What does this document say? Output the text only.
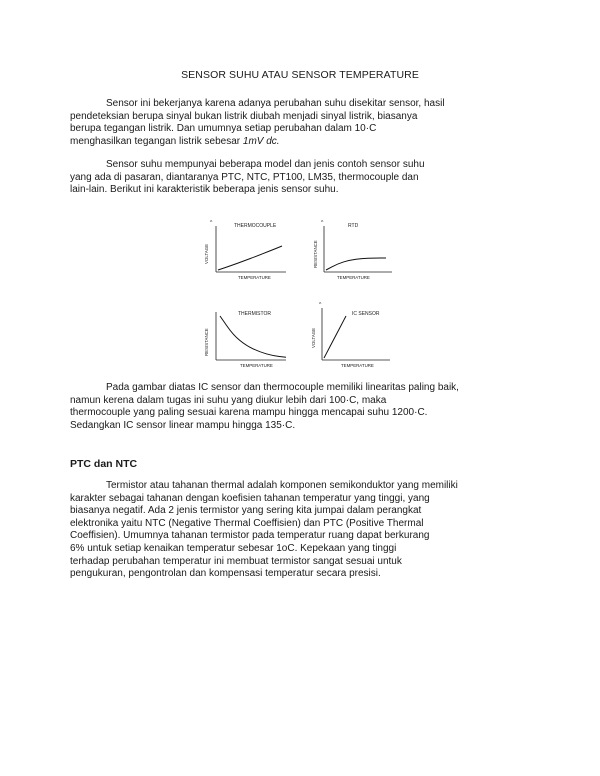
SENSOR SUHU ATAU SENSOR TEMPERATURE

Sensor ini bekerjanya karena adanya perubahan suhu disekitar sensor, hasil
pendeteksian berupa sinyal bukan listrik diubah menjadi sinyal listrik, biasanya
berupa tegangan listrik. Dan umumnya setiap perubahan dalam 10·C
menghasilkan tegangan listrik sebesar 1mV dc.

Sensor suhu mempunyai beberapa model dan jenis contoh sensor suhu
yang ada di pasaran, diantaranya PTC, NTC, PT100, LM35, thermocouple dan
lain-lain. Berikut ini karakteristik beberapa jenis sensor suhu.

THERMOCOUPLE
^
VOLTAGE
TEMPERATURE
RTD
^
RESISTANCE
TEMPERATURE
THERMISTOR
RESISTANCE
TEMPERATURE
IC SENSOR
^
VOLTAGE
TEMPERATURE

Pada gambar diatas IC sensor dan thermocouple memiliki linearitas paling baik,
namun kerena dalam tugas ini suhu yang diukur lebih dari 100·C, maka
thermocouple yang paling sesuai karena mampu hingga mencapai suhu 1200·C.
Sedangkan IC sensor linear mampu hingga 135·C.

PTC dan NTC

Termistor atau tahanan thermal adalah komponen semikonduktor yang memiliki
karakter sebagai tahanan dengan koefisien tahanan temperatur yang tinggi, yang
biasanya negatif. Ada 2 jenis termistor yang sering kita jumpai dalam perangkat
elektronika yaitu NTC (Negative Thermal Coeffisien) dan PTC (Positive Thermal
Coeffisien). Umumnya tahanan termistor pada temperatur ruang dapat berkurang
6% untuk setiap kenaikan temperatur sebesar 1oC. Kepekaan yang tinggi
terhadap perubahan temperatur ini membuat termistor sangat sesuai untuk
pengukuran, pengontrolan dan kompensasi temperatur secara presisi.
